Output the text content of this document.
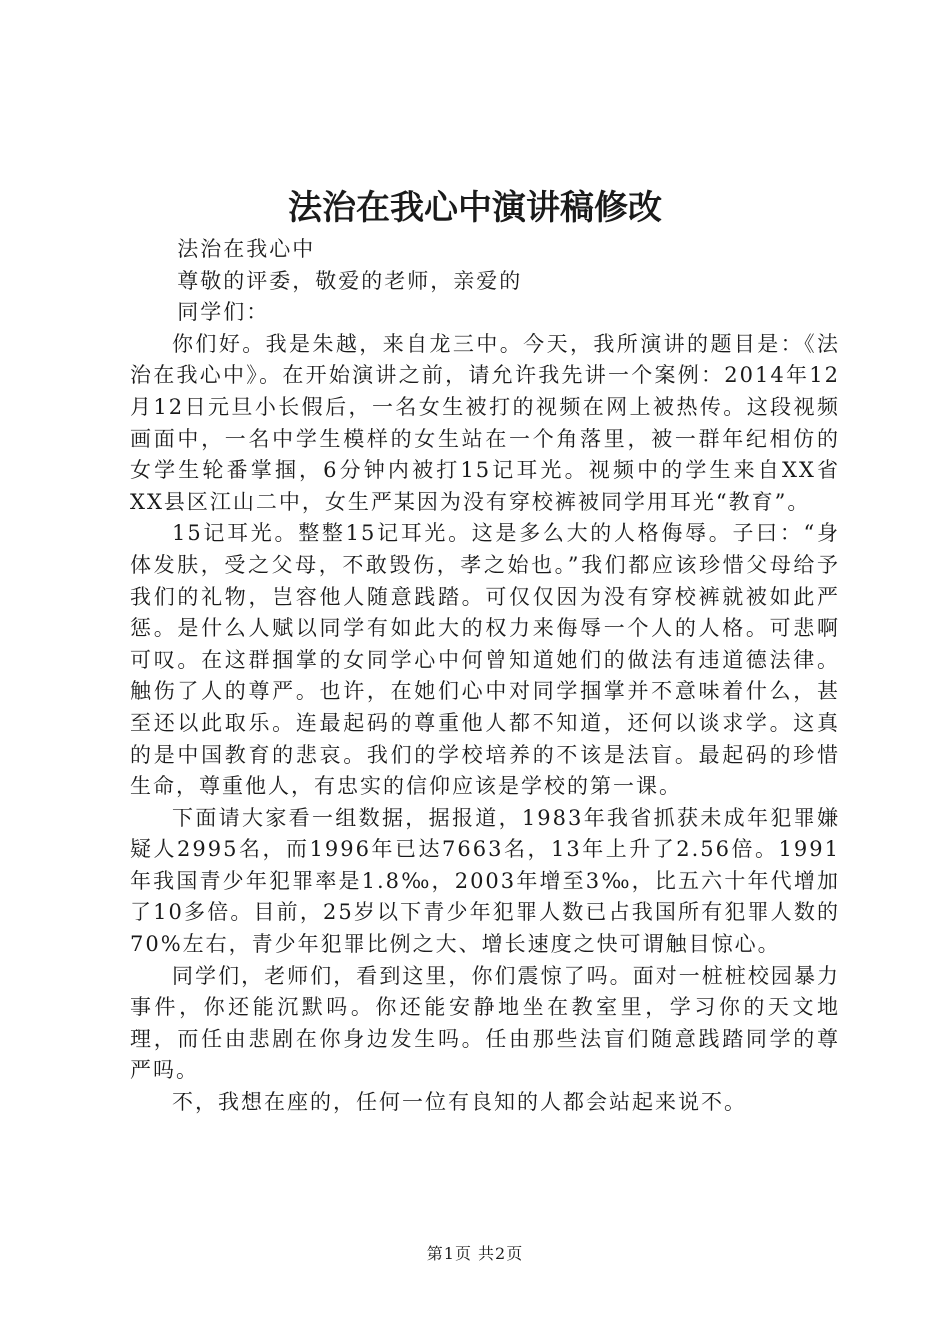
法治在我心中演讲稿修改

法治在我心中

尊敬的评委，敬爱的老师，亲爱的

同学们：

你们好。我是朱越，来自龙三中。今天，我所演讲的题目是：《法治在我心中》。在开始演讲之前，请允许我先讲一个案例：2014年12月12日元旦小长假后，一名女生被打的视频在网上被热传。这段视频画面中，一名中学生模样的女生站在一个角落里，被一群年纪相仿的女学生轮番掌掴，6分钟内被打15记耳光。视频中的学生来自XX省XX县区江山二中，女生严某因为没有穿校裤被同学用耳光“教育”。

15记耳光。整整15记耳光。这是多么大的人格侮辱。子曰：“身体发肤，受之父母，不敢毁伤，孝之始也。”我们都应该珍惜父母给予我们的礼物，岂容他人随意践踏。可仅仅因为没有穿校裤就被如此严惩。是什么人赋以同学有如此大的权力来侮辱一个人的人格。可悲啊可叹。在这群掴掌的女同学心中何曾知道她们的做法有违道德法律。触伤了人的尊严。也许，在她们心中对同学掴掌并不意味着什么，甚至还以此取乐。连最起码的尊重他人都不知道，还何以谈求学。这真的是中国教育的悲哀。我们的学校培养的不该是法盲。最起码的珍惜生命，尊重他人，有忠实的信仰应该是学校的第一课。

下面请大家看一组数据，据报道，1983年我省抓获未成年犯罪嫌疑人2995名，而1996年已达7663名，13年上升了2.56倍。1991年我国青少年犯罪率是1.8‰，2003年增至3‰，比五六十年代增加了10多倍。目前，25岁以下青少年犯罪人数已占我国所有犯罪人数的70%左右，青少年犯罪比例之大、增长速度之快可谓触目惊心。

同学们，老师们，看到这里，你们震惊了吗。面对一桩桩校园暴力事件，你还能沉默吗。你还能安静地坐在教室里，学习你的天文地理，而任由悲剧在你身边发生吗。任由那些法盲们随意践踏同学的尊严吗。

不，我想在座的，任何一位有良知的人都会站起来说不。

第1页 共2页
